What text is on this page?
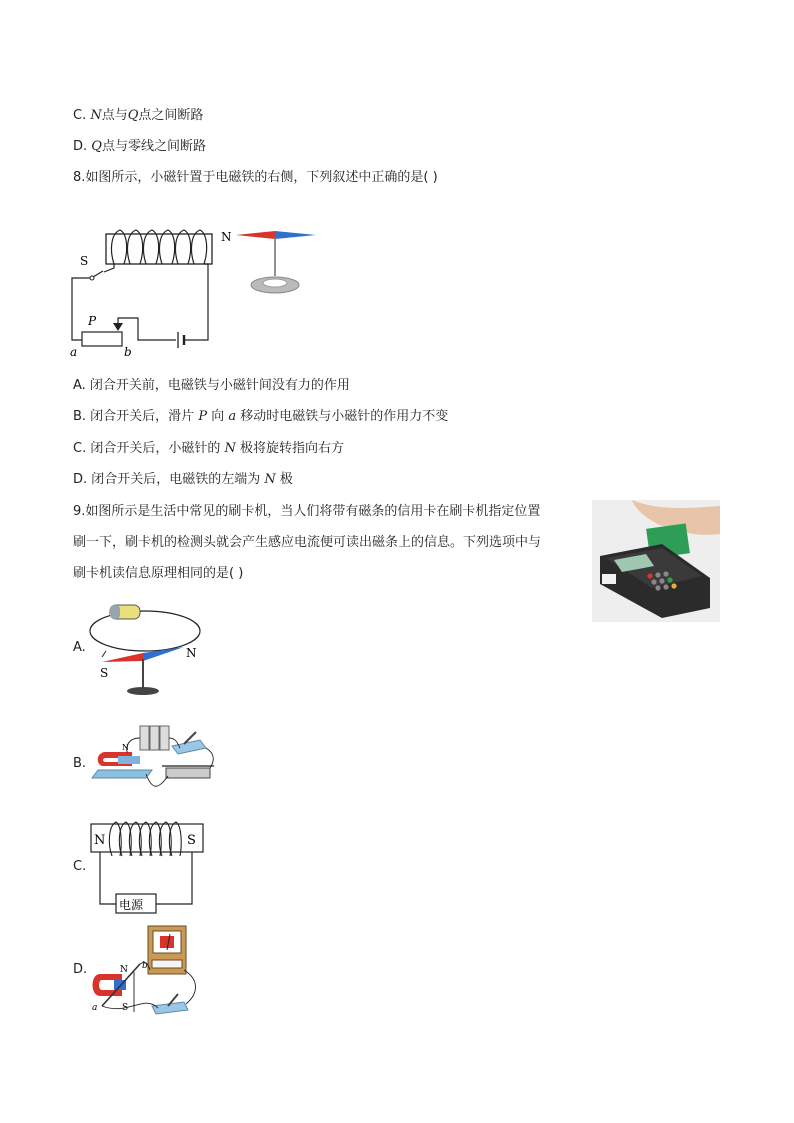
C. N点与Q点之间断路
D. Q点与零线之间断路
8.如图所示，小磁针置于电磁铁的右侧，下列叙述中正确的是( )
S
P
a	b
N
A. 闭合开关前，电磁铁与小磁针间没有力的作用
B. 闭合开关后，滑片 P 向 a 移动时电磁铁与小磁针的作用力不变
C. 闭合开关后，小磁针的 N 极将旋转指向右方
D. 闭合开关后，电磁铁的左端为 N 极
9.如图所示是生活中常见的刷卡机，当人们将带有磁条的信用卡在刷卡机指定位置
刷一下，刷卡机的检测头就会产生感应电流便可读出磁条上的信息。下列选项中与
刷卡机读信息原理相同的是( )
A.
B.
C.
D.
N
S
N
N	S
电源
N
S
a
b
